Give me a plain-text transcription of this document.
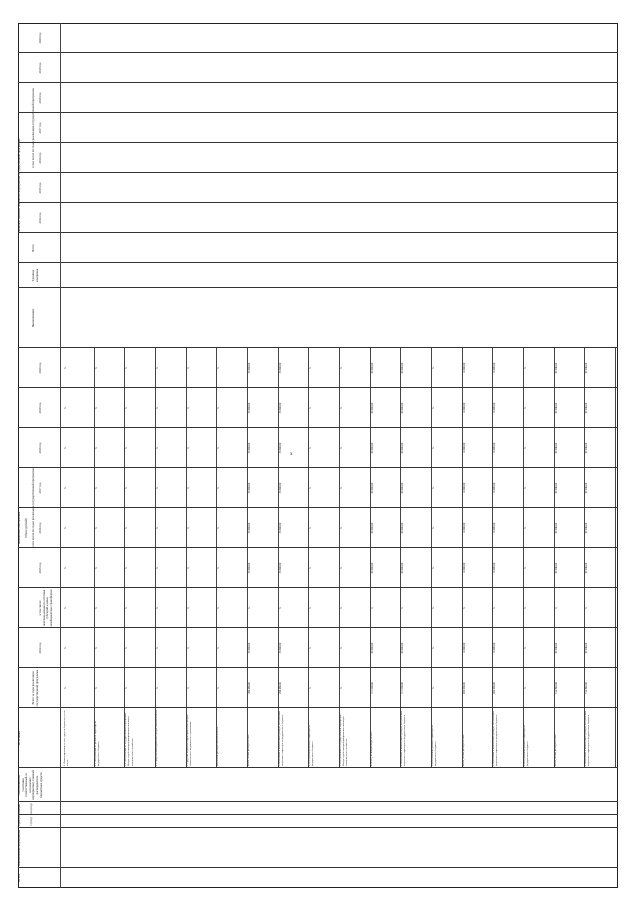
x
№ п/п
Наименование мероприятия
Срок реализации	с (год)
по (год)
Соисполнитель, участники (ответственный за исполнение мероприятия), главный распорядитель бюджетных средств
Источники
Финансовое обеспечение	Объем (рублей)
Всего за годы реализации государственной программы
в том числе по годам реализации государственной программы
2014 год
в том числе неиспользованного остатков субсидий и иных межбюджетных трансфертов
2015 год
2016 год
2017 год
2018 год
2019 год
2020 год
Плановое значение показателя мероприятия государственной программы
Наименование
Единица измерения
Всего
в том числе по годам реализации государственной программы
2014 год
2015 год
2016 год
2017 год
2018 год
2019 год
2020 год
1. Финансирование за счет средств бюджетов, в том числе:
X
X
X
X
X
X
X
X
X
1.1. поступлений от целевого характера из федерального бюджета
X
X
X
X
X
X
X
X
X
1.2. поступлений от государственной корпорации - Фонда содействия реформированию жилищно-коммунального хозяйства
X
X
X
X
X
X
X
X
X
1.3. средства внебюджетного фонда Омской области
X
X
X
X
X
X
X
X
X
2. Средства бюджетов территориальных фондов обязательного медицинского страхования
X
X
X
X
X
X
X
X
X
Налоговые расходы Омской области
X
X
X
X
X
X
X
X
X
Всего, из них расходы за счет:
266 460,00
30 000,00
X
30 000,00
30 000,00
30 000,00
30 000,00
30 000,00
30 000,00
1. Налоговых и неналоговых доходов, поступлений нецелевого характера из федерального бюджета
266 460,00
30 000,00
X
30 000,00
30 000,00
30 000,00
30 000,00
30 000,00
30 000,00
2. Поступлений целевого характера из федерального бюджета
X
X
X
X
X
X
X
X
X
3. Поступлений от государственной корпорации - Фонда содействия реформированию жилищно-коммунального хозяйства
X
X
X
X
X
X
X
X
X
4. Всего, из них расходы за счет:
511 000,00
60 000,00
X
60 000,00
60 000,00
60 000,00
60 000,00
60 000,00
60 000,00
1. Налоговых и неналоговых доходов, поступлений нецелевого характера из федерального бюджета
511 000,00
60 000,00
X
60 000,00
60 000,00
60 000,00
60 000,00
60 000,00
60 000,00
2. Поступлений целевого характера из федерального бюджета
X
X
X
X
X
X
X
X
X
Всего, из них расходы за счет:
490 000,00
14 000,00
X
14 000,00
14 000,00
14 000,00
14 000,00
14 000,00
14 000,00
1. Налоговых и неналоговых доходов, поступлений нецелевого характера из федерального бюджета
490 000,00
14 000,00
X
14 000,00
14 000,00
14 000,00
14 000,00
14 000,00
14 000,00
2. Поступлений целевого характера из федерального бюджета
X
X
X
X
X
X
X
X
X
Всего, из них расходы за счет:
514 840,00
69 040,00
X
69 040,00
69 040,00
69 040,00
69 040,00
69 040,00
69 040,00
1. Налоговых и неналоговых доходов, поступлений нецелевого характера из федерального бюджета
514 840,00
69 040,00
X
69 040,00
69 040,00
69 040,00
69 040,00
69 040,00
69 040,00
